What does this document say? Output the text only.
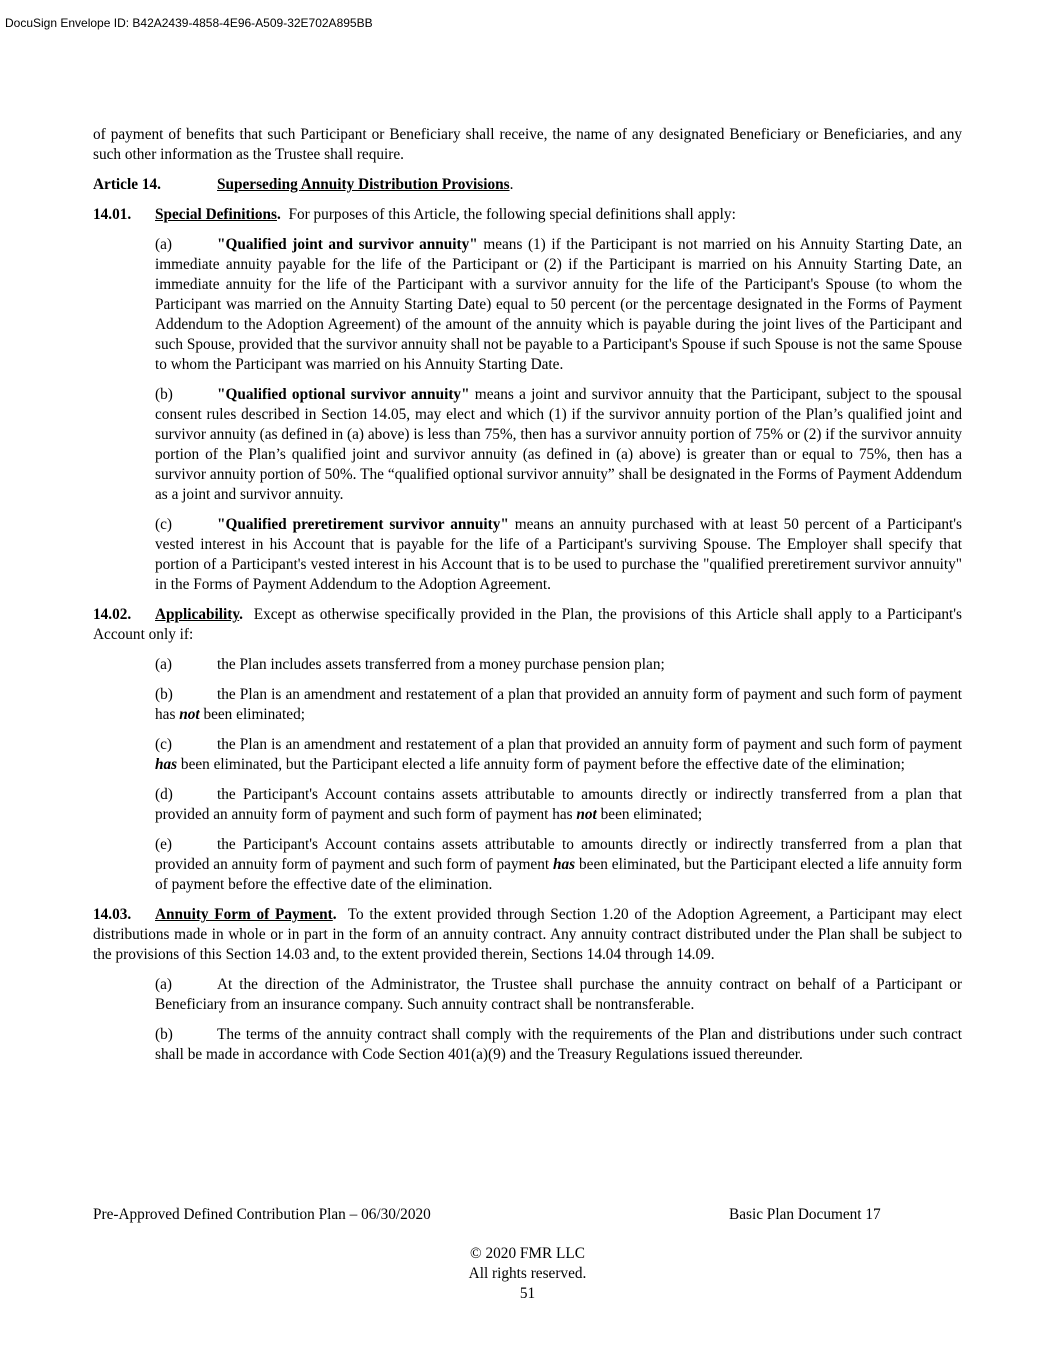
DocuSign Envelope ID: B42A2439-4858-4E96-A509-32E702A895BB

of payment of benefits that such Participant or Beneficiary shall receive, the name of any designated Beneficiary or Beneficiaries, and any such other information as the Trustee shall require.

Article 14.	Superseding Annuity Distribution Provisions.

14.01. Special Definitions. For purposes of this Article, the following special definitions shall apply:

(a)	"Qualified joint and survivor annuity" means (1) if the Participant is not married on his Annuity Starting Date, an immediate annuity payable for the life of the Participant or (2) if the Participant is married on his Annuity Starting Date, an immediate annuity for the life of the Participant with a survivor annuity for the life of the Participant's Spouse (to whom the Participant was married on the Annuity Starting Date) equal to 50 percent (or the percentage designated in the Forms of Payment Addendum to the Adoption Agreement) of the amount of the annuity which is payable during the joint lives of the Participant and such Spouse, provided that the survivor annuity shall not be payable to a Participant's Spouse if such Spouse is not the same Spouse to whom the Participant was married on his Annuity Starting Date.

(b)	"Qualified optional survivor annuity" means a joint and survivor annuity that the Participant, subject to the spousal consent rules described in Section 14.05, may elect and which (1) if the survivor annuity portion of the Plan’s qualified joint and survivor annuity (as defined in (a) above) is less than 75%, then has a survivor annuity portion of 75% or (2) if the survivor annuity portion of the Plan’s qualified joint and survivor annuity (as defined in (a) above) is greater than or equal to 75%, then has a survivor annuity portion of 50%. The “qualified optional survivor annuity” shall be designated in the Forms of Payment Addendum as a joint and survivor annuity.

(c)	"Qualified preretirement survivor annuity" means an annuity purchased with at least 50 percent of a Participant's vested interest in his Account that is payable for the life of a Participant's surviving Spouse. The Employer shall specify that portion of a Participant's vested interest in his Account that is to be used to purchase the "qualified preretirement survivor annuity" in the Forms of Payment Addendum to the Adoption Agreement.

14.02. Applicability. Except as otherwise specifically provided in the Plan, the provisions of this Article shall apply to a Participant's Account only if:

(a)	the Plan includes assets transferred from a money purchase pension plan;

(b)	the Plan is an amendment and restatement of a plan that provided an annuity form of payment and such form of payment has not been eliminated;

(c)	the Plan is an amendment and restatement of a plan that provided an annuity form of payment and such form of payment has been eliminated, but the Participant elected a life annuity form of payment before the effective date of the elimination;

(d)	the Participant's Account contains assets attributable to amounts directly or indirectly transferred from a plan that provided an annuity form of payment and such form of payment has not been eliminated;

(e)	the Participant's Account contains assets attributable to amounts directly or indirectly transferred from a plan that provided an annuity form of payment and such form of payment has been eliminated, but the Participant elected a life annuity form of payment before the effective date of the elimination.

14.03. Annuity Form of Payment. To the extent provided through Section 1.20 of the Adoption Agreement, a Participant may elect distributions made in whole or in part in the form of an annuity contract. Any annuity contract distributed under the Plan shall be subject to the provisions of this Section 14.03 and, to the extent provided therein, Sections 14.04 through 14.09.

(a)	At the direction of the Administrator, the Trustee shall purchase the annuity contract on behalf of a Participant or Beneficiary from an insurance company. Such annuity contract shall be nontransferable.

(b)	The terms of the annuity contract shall comply with the requirements of the Plan and distributions under such contract shall be made in accordance with Code Section 401(a)(9) and the Treasury Regulations issued thereunder.

Pre-Approved Defined Contribution Plan – 06/30/2020	Basic Plan Document 17
© 2020 FMR LLC
All rights reserved.
51
